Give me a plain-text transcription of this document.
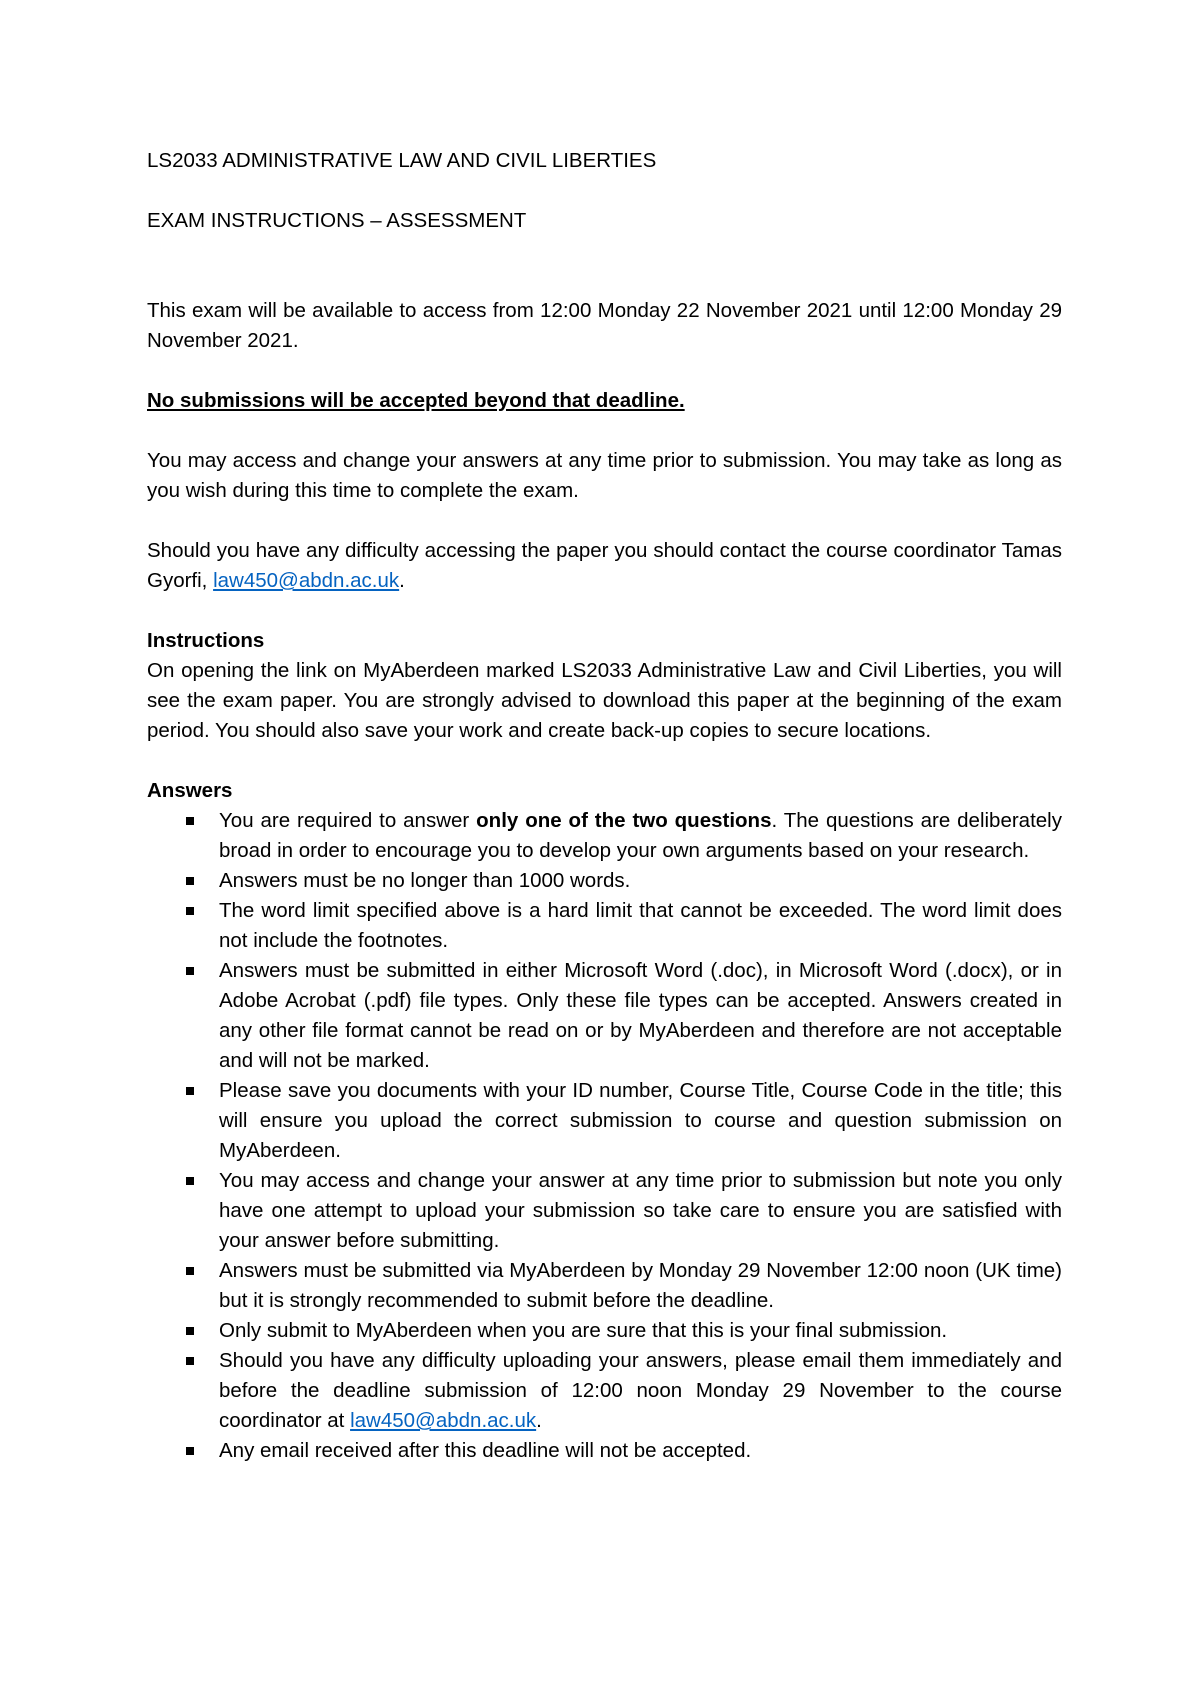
LS2033 ADMINISTRATIVE LAW AND CIVIL LIBERTIES
EXAM INSTRUCTIONS – ASSESSMENT

This exam will be available to access from 12:00 Monday 22 November 2021 until 12:00 Monday 29 November 2021.

No submissions will be accepted beyond that deadline.

You may access and change your answers at any time prior to submission. You may take as long as you wish during this time to complete the exam.

Should you have any difficulty accessing the paper you should contact the course coordinator Tamas Gyorfi, law450@abdn.ac.uk.

Instructions

On opening the link on MyAberdeen marked LS2033 Administrative Law and Civil Liberties, you will see the exam paper. You are strongly advised to download this paper at the beginning of the exam period. You should also save your work and create back-up copies to secure locations.

Answers

You are required to answer only one of the two questions. The questions are deliberately broad in order to encourage you to develop your own arguments based on your research.
Answers must be no longer than 1000 words.
The word limit specified above is a hard limit that cannot be exceeded. The word limit does not include the footnotes.
Answers must be submitted in either Microsoft Word (.doc), in Microsoft Word (.docx), or in Adobe Acrobat (.pdf) file types. Only these file types can be accepted. Answers created in any other file format cannot be read on or by MyAberdeen and therefore are not acceptable and will not be marked.
Please save you documents with your ID number, Course Title, Course Code in the title; this will ensure you upload the correct submission to course and question submission on MyAberdeen.
You may access and change your answer at any time prior to submission but note you only have one attempt to upload your submission so take care to ensure you are satisfied with your answer before submitting.
Answers must be submitted via MyAberdeen by Monday 29 November 12:00 noon (UK time) but it is strongly recommended to submit before the deadline.
Only submit to MyAberdeen when you are sure that this is your final submission.
Should you have any difficulty uploading your answers, please email them immediately and before the deadline submission of 12:00 noon Monday 29 November to the course coordinator at law450@abdn.ac.uk.
Any email received after this deadline will not be accepted.
